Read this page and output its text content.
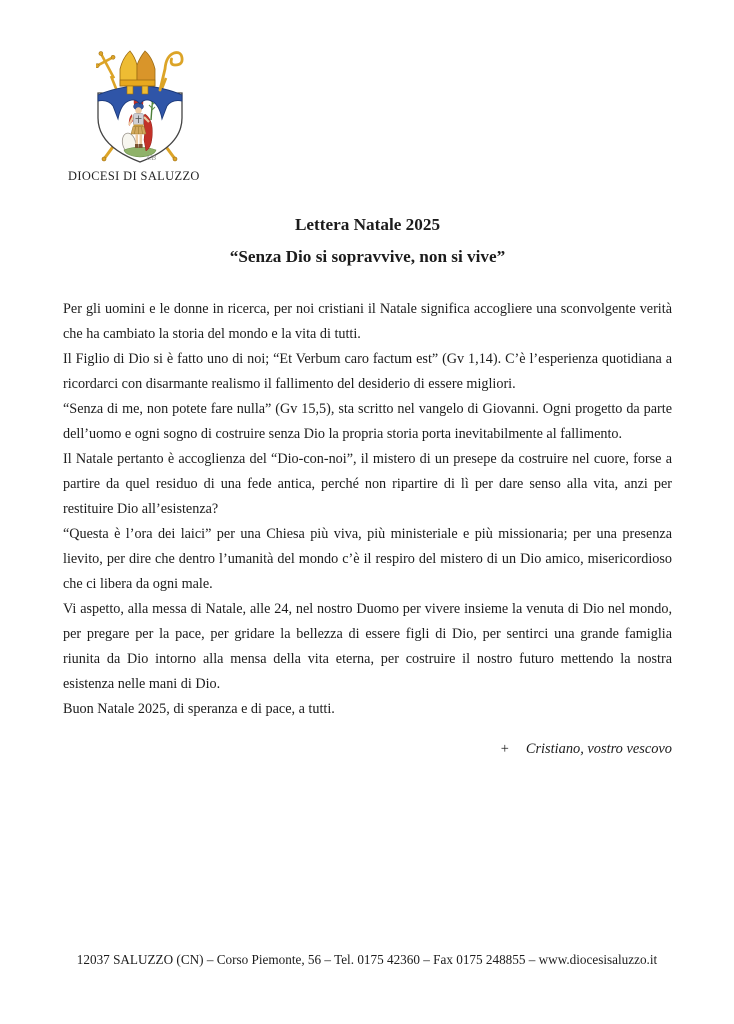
CB
DIOCESI DI SALUZZO
Lettera Natale 2025
“Senza Dio si sopravvive, non si vive”

Per gli uomini e le donne in ricerca, per noi cristiani il Natale significa accogliere una sconvolgente verità che ha cambiato la storia del mondo e la vita di tutti.

Il Figlio di Dio si è fatto uno di noi; “Et Verbum caro factum est” (Gv 1,14). C’è l’esperienza quotidiana a ricordarci con disarmante realismo il fallimento del desiderio di essere migliori.

“Senza di me, non potete fare nulla” (Gv 15,5), sta scritto nel vangelo di Giovanni. Ogni progetto da parte dell’uomo e ogni sogno di costruire senza Dio la propria storia porta inevitabilmente al fallimento.

Il Natale pertanto è accoglienza del “Dio-con-noi”, il mistero di un presepe da costruire nel cuore, forse a partire da quel residuo di una fede antica, perché non ripartire di lì per dare senso alla vita, anzi per restituire Dio all’esistenza?

“Questa è l’ora dei laici” per una Chiesa più viva, più ministeriale e più missionaria; per una presenza lievito, per dire che dentro l’umanità del mondo c’è il respiro del mistero di un Dio amico, misericordioso che ci libera da ogni male.

Vi aspetto, alla messa di Natale, alle 24, nel nostro Duomo per vivere insieme la venuta di Dio nel mondo, per pregare per la pace, per gridare la bellezza di essere figli di Dio, per sentirci una grande famiglia riunita da Dio intorno alla mensa della vita eterna, per costruire il nostro futuro mettendo la nostra esistenza nelle mani di Dio.

Buon Natale 2025, di speranza e di pace, a tutti.

+ Cristiano, vostro vescovo
12037 SALUZZO (CN) – Corso Piemonte, 56 – Tel. 0175 42360 – Fax 0175 248855 – www.diocesisaluzzo.it
